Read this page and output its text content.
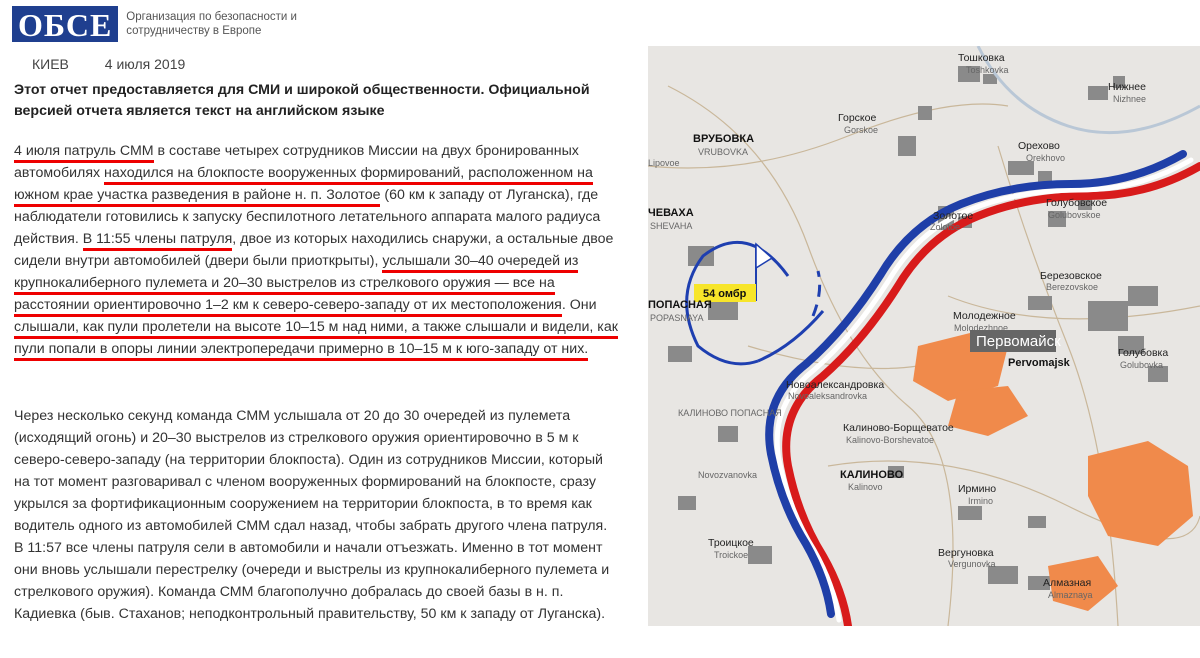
ОБСЕ	Организация по безопасности и сотрудничеству в Европе
КИЕВ	4 июля 2019
Этот отчет предоставляется для СМИ и широкой общественности. Официальной версией отчета является текст на английском языке

4 июля патруль СММ в составе четырех сотрудников Миссии на двух бронированных автомобилях находился на блокпосте вооруженных формирований, расположенном на южном крае участка разведения в районе н. п. Золотое (60 км к западу от Луганска), где наблюдатели готовились к запуску беспилотного летательного аппарата малого радиуса действия. В 11:55 члены патруля, двое из которых находились снаружи, а остальные двое сидели внутри автомобилей (двери были приоткрыты), услышали 30–40 очередей из крупнокалиберного пулемета и 20–30 выстрелов из стрелкового оружия — все на расстоянии ориентировочно 1–2 км к северо-северо-западу от их местоположения. Они слышали, как пули пролетели на высоте 10–15 м над ними, а также слышали и видели, как пули попали в опоры линии электропередачи примерно в 10–15 м к юго-западу от них.

Через несколько секунд команда СММ услышала от 20 до 30 очередей из пулемета (исходящий огонь) и 20–30 выстрелов из стрелкового оружия ориентировочно в 5 м к северо-северо-западу (на территории блокпоста). Один из сотрудников Миссии, который на тот момент разговаривал с членом вооруженных формирований на блокпосте, сразу укрылся за фортификационным сооружением на территории блокпоста, в то время как водитель одного из автомобилей СММ сдал назад, чтобы забрать другого члена патруля. В 11:57 все члены патруля сели в автомобили и начали отъезжать. Именно в тот момент они вновь услышали перестрелку (очереди и выстрелы из крупнокалиберного пулемета и стрелкового оружия). Команда СММ благополучно добралась до своей базы в н. п. Кадиевка (быв. Стаханов; неподконтрольный правительству, 50 км к западу от Луганска).

54 омбр
Первомайск
Pervomajsk
Тошковка
Toshkovka
Нижнее
Nizhnee
Горское
Gorskoe
ВРУБОВКА
VRUBOVKA	Орехово
Orekhovo
Lipovoe
Голубовское
Golubovskoe
ЧЕВАХА
SHEVAHA
Золотое
Zolotoe
Березовское
Berezovskoe
Молодежное
Molodezhnoe
ПОПАСНАЯ
POPASNAYA
Голубовка
Golubovka
Новоалександровка
Novoaleksandrovka
КАЛИНОВО ПОПАСНАЯ
Калиново-Борщеватое
Kalinovo-Borshevatoe
Novozvanovka	КАЛИНОВО
Kalinovo	Ирмино
Irmino
Троицкое
Troickoe	Вергуновка
Vergunovka
Алмазная
Almaznaya
